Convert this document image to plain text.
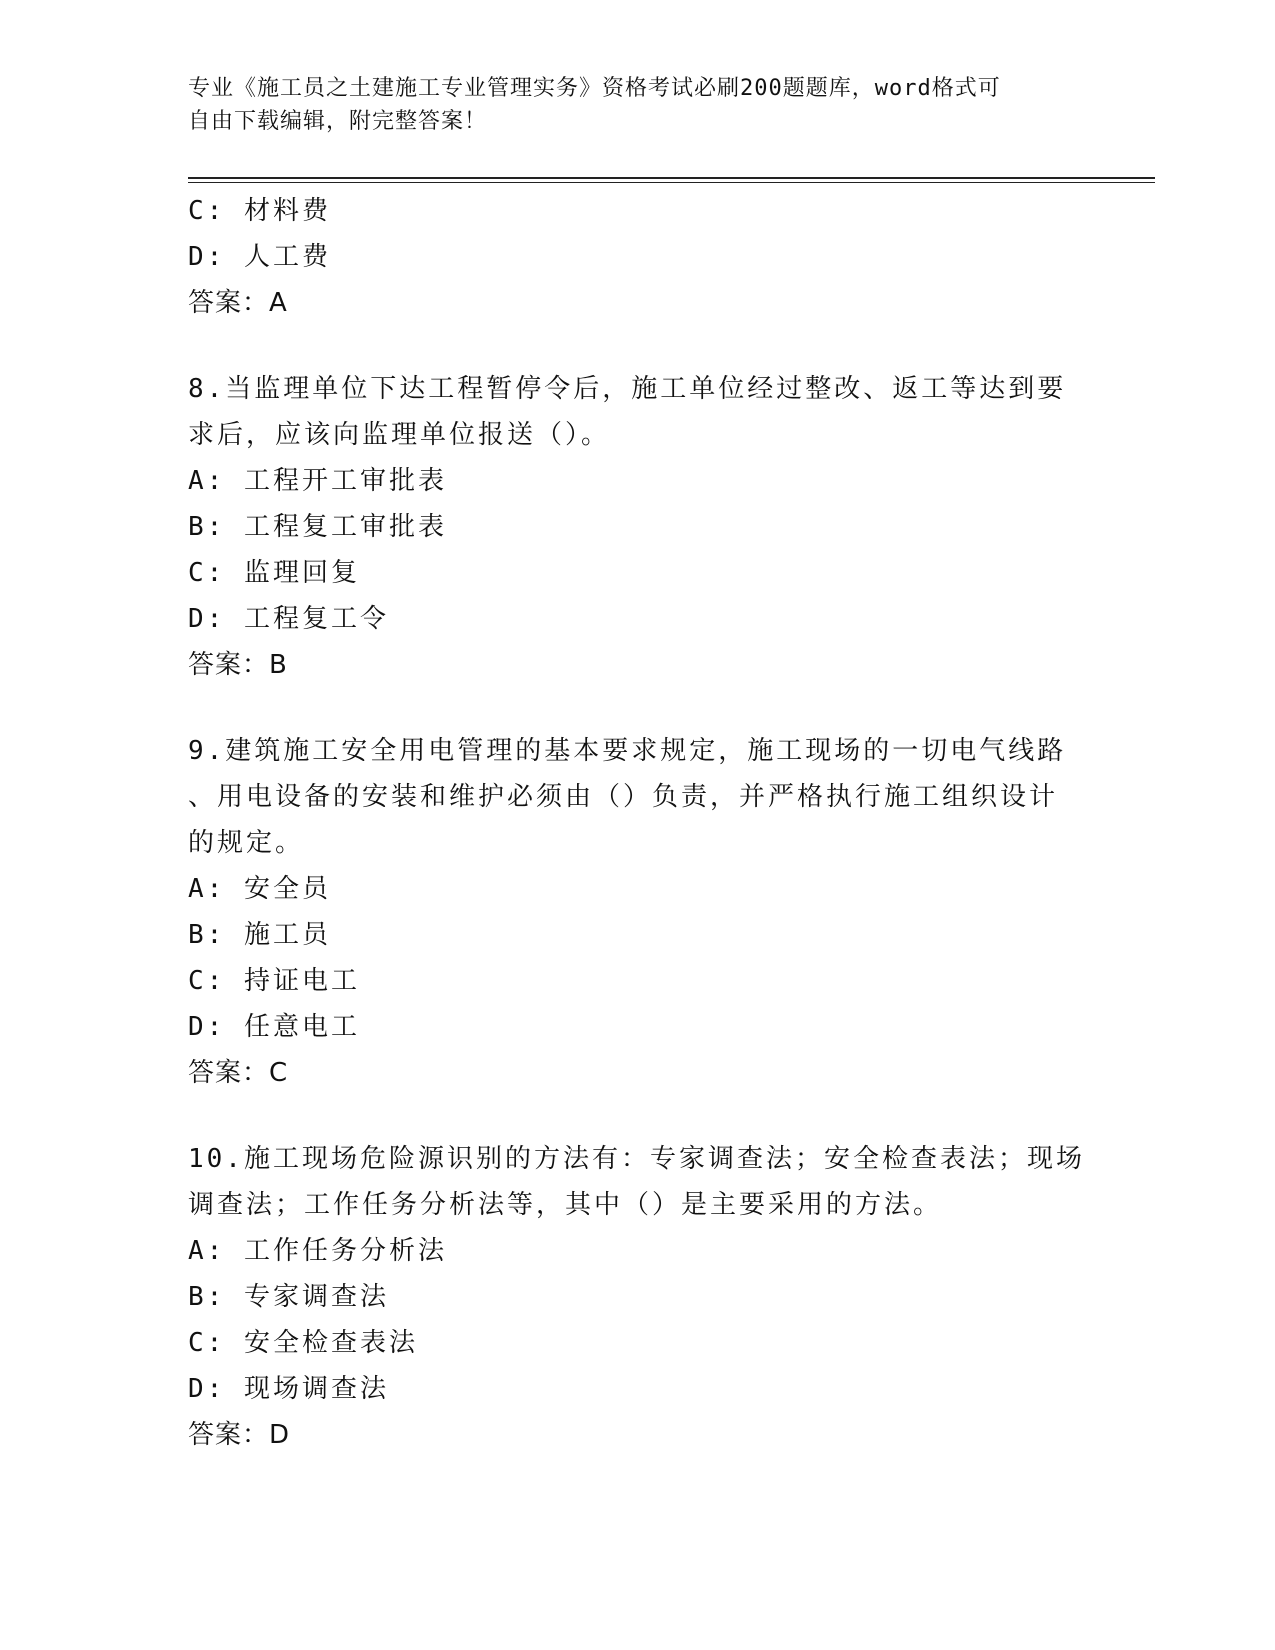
专业《施工员之土建施工专业管理实务》资格考试必刷200题题库，word格式可
自由下载编辑，附完整答案！
C: 材料费
D: 人工费
答案：A
8.当监理单位下达工程暂停令后，施工单位经过整改、返工等达到要
求后，应该向监理单位报送（）。
A: 工程开工审批表
B: 工程复工审批表
C: 监理回复
D: 工程复工令
答案：B
9.建筑施工安全用电管理的基本要求规定，施工现场的一切电气线路
、用电设备的安装和维护必须由（）负责，并严格执行施工组织设计
的规定。
A: 安全员
B: 施工员
C: 持证电工
D: 任意电工
答案：C
10.施工现场危险源识别的方法有：专家调查法；安全检查表法；现场
调查法；工作任务分析法等，其中（）是主要采用的方法。
A: 工作任务分析法
B: 专家调查法
C: 安全检查表法
D: 现场调查法
答案：D
